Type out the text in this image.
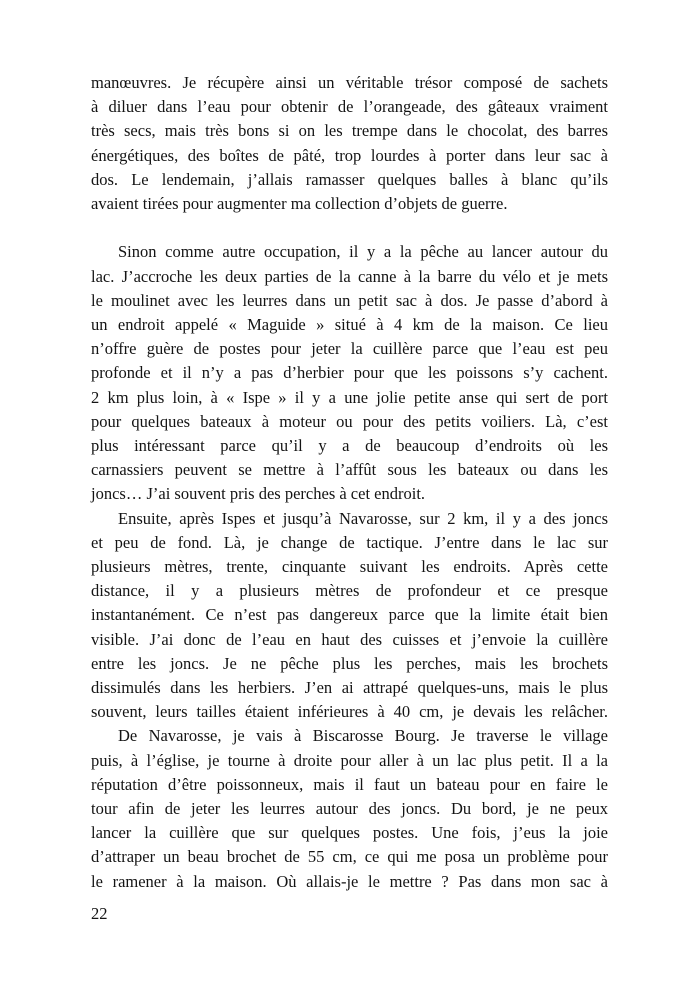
manœuvres. Je récupère ainsi un véritable trésor composé de sachets
à diluer dans l’eau pour obtenir de l’orangeade, des gâteaux vraiment
très secs, mais très bons si on les trempe dans le chocolat, des barres
énergétiques, des boîtes de pâté, trop lourdes à porter dans leur sac à
dos. Le lendemain, j’allais ramasser quelques balles à blanc qu’ils
avaient tirées pour augmenter ma collection d’objets de guerre.
Sinon comme autre occupation, il y a la pêche au lancer autour du
lac. J’accroche les deux parties de la canne à la barre du vélo et je mets
le moulinet avec les leurres dans un petit sac à dos. Je passe d’abord à
un endroit appelé « Maguide » situé à 4 km de la maison. Ce lieu
n’offre guère de postes pour jeter la cuillère parce que l’eau est peu
profonde et il n’y a pas d’herbier pour que les poissons s’y cachent.
2 km plus loin, à « Ispe » il y a une jolie petite anse qui sert de port
pour quelques bateaux à moteur ou pour des petits voiliers. Là, c’est
plus intéressant parce qu’il y a de beaucoup d’endroits où les
carnassiers peuvent se mettre à l’affût sous les bateaux ou dans les
joncs… J’ai souvent pris des perches à cet endroit.
Ensuite, après Ispes et jusqu’à Navarosse, sur 2 km, il y a des joncs
et peu de fond. Là, je change de tactique. J’entre dans le lac sur
plusieurs mètres, trente, cinquante suivant les endroits. Après cette
distance, il y a plusieurs mètres de profondeur et ce presque
instantanément. Ce n’est pas dangereux parce que la limite était bien
visible. J’ai donc de l’eau en haut des cuisses et j’envoie la cuillère
entre les joncs. Je ne pêche plus les perches, mais les brochets
dissimulés dans les herbiers. J’en ai attrapé quelques-uns, mais le plus
souvent, leurs tailles étaient inférieures à 40 cm, je devais les relâcher.
De Navarosse, je vais à Biscarosse Bourg. Je traverse le village
puis, à l’église, je tourne à droite pour aller à un lac plus petit. Il a la
réputation d’être poissonneux, mais il faut un bateau pour en faire le
tour afin de jeter les leurres autour des joncs. Du bord, je ne peux
lancer la cuillère que sur quelques postes. Une fois, j’eus la joie
d’attraper un beau brochet de 55 cm, ce qui me posa un problème pour
le ramener à la maison. Où allais-je le mettre ? Pas dans mon sac à
22
